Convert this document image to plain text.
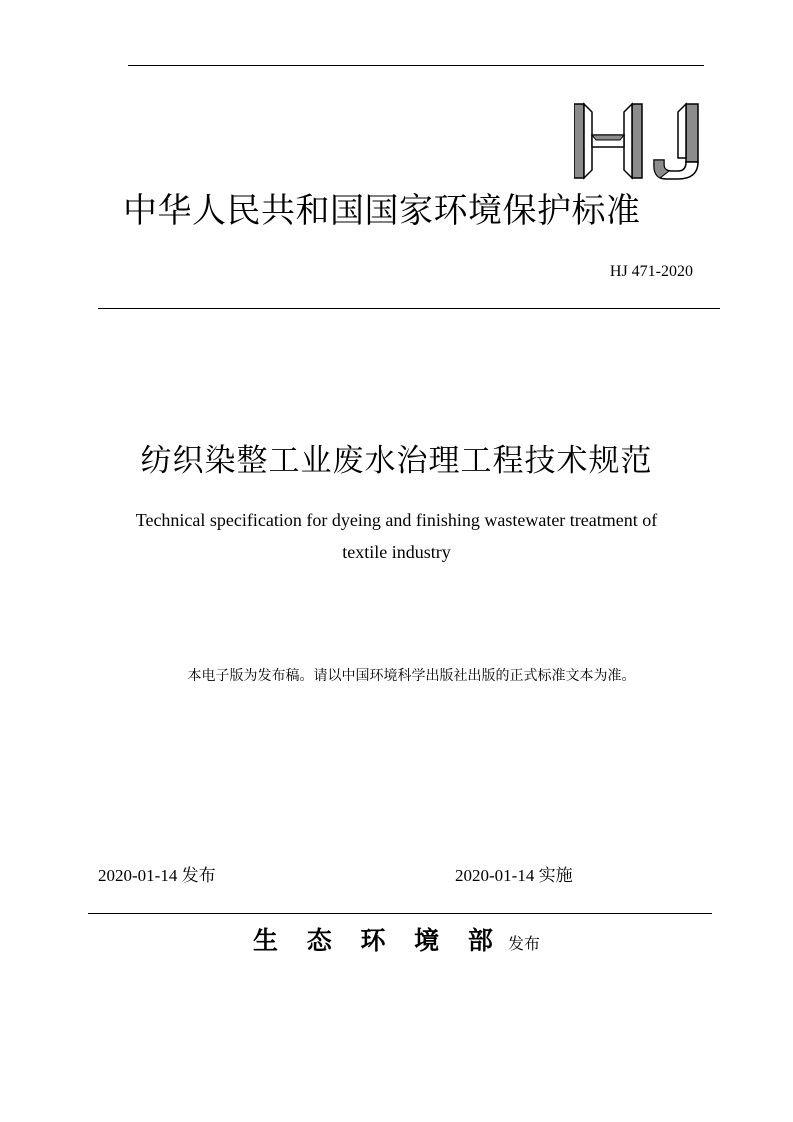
中华人民共和国国家环境保护标准
HJ 471-2020
纺织染整工业废水治理工程技术规范
Technical specification for dyeing and finishing wastewater treatment of
textile industry
本电子版为发布稿。请以中国环境科学出版社出版的正式标准文本为准。
2020-01-14 发布	2020-01-14 实施
生 态 环 境 部 发布
